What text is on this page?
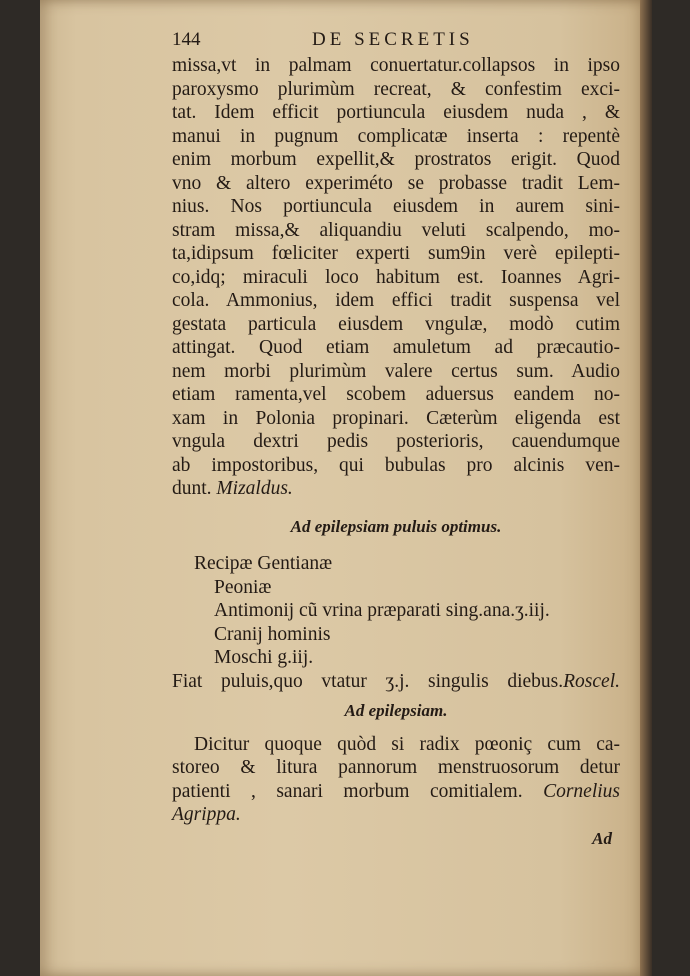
144	DE SECRETIS
missa,vt in palmam conuertatur.collapsos in ipso
paroxysmo plurimùm recreat, & confestim exci-
tat. Idem efficit portiuncula eiusdem nuda , &
manui in pugnum complicatæ inserta : repentè
enim morbum expellit,& prostratos erigit. Quod
vno & altero experiméto se probasse tradit Lem-
nius. Nos portiuncula eiusdem in aurem sini-
stram missa,& aliquandiu veluti scalpendo, mo-
ta,idipsum fœliciter experti sum9in verè epilepti-
co,idq; miraculi loco habitum est. Ioannes Agri-
cola. Ammonius, idem effici tradit suspensa vel
gestata particula eiusdem vngulæ, modò cutim
attingat. Quod etiam amuletum ad præcautio-
nem morbi plurimùm valere certus sum. Audio
etiam ramenta,vel scobem aduersus eandem no-
xam in Polonia propinari. Cæterùm eligenda est
vngula dextri pedis posterioris, cauendumque
ab impostoribus, qui bubulas pro alcinis ven-
dunt. Mizaldus.
Ad epilepsiam puluis optimus.
Recipæ Gentianæ
Peoniæ
Antimonij cũ vrina præparati sing.ana.ʒ.iij.
Cranij hominis
Moschi g.iij.
Fiat puluis,quo vtatur ʒ.j. singulis diebus.Roscel.
Ad epilepsiam.
Dicitur quoque quòd si radix pœoniç cum ca-
storeo & litura pannorum menstruosorum detur
patienti , sanari morbum comitialem. Cornelius
Agrippa.
Ad
